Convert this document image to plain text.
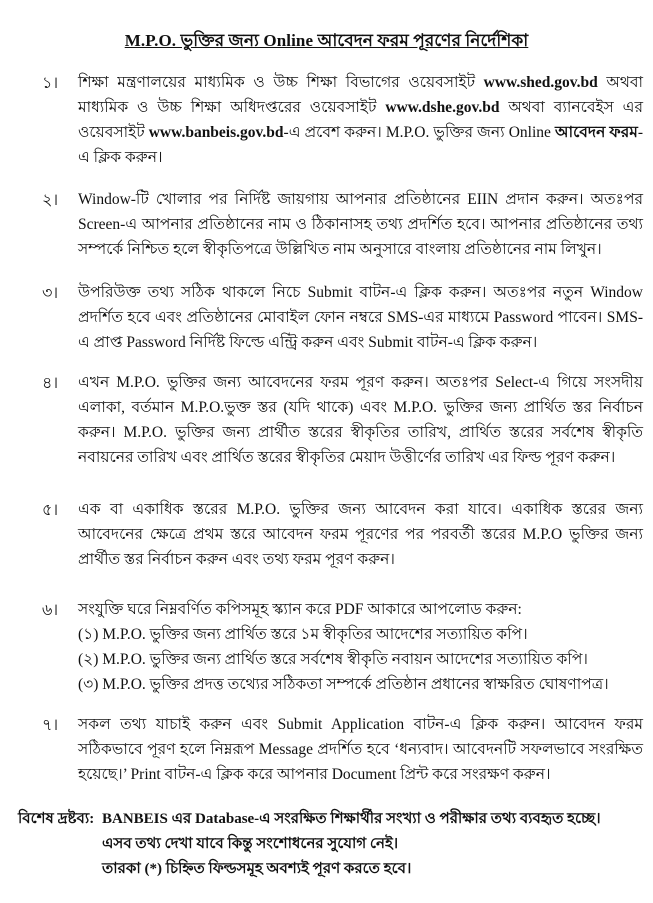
M.P.O. ভুক্তির জন্য Online আবেদন ফরম পূরণের নির্দেশিকা
১। শিক্ষা মন্ত্রণালয়ের মাধ্যমিক ও উচ্চ শিক্ষা বিভাগের ওয়েবসাইট www.shed.gov.bd অথবা মাধ্যমিক ও উচ্চ শিক্ষা অধিদপ্তরের ওয়েবসাইট www.dshe.gov.bd অথবা ব্যানবেইস এর ওয়েবসাইট www.banbeis.gov.bd-এ প্রবেশ করুন। M.P.O. ভুক্তির জন্য Online আবেদন ফরম-এ ক্লিক করুন।
২। Window-টি খোলার পর নির্দিষ্ট জায়গায় আপনার প্রতিষ্ঠানের EIIN প্রদান করুন। অতঃপর Screen-এ আপনার প্রতিষ্ঠানের নাম ও ঠিকানাসহ তথ্য প্রদর্শিত হবে। আপনার প্রতিষ্ঠানের তথ্য সম্পর্কে নিশ্চিত হলে স্বীকৃতিপত্রে উল্লিখিত নাম অনুসারে বাংলায় প্রতিষ্ঠানের নাম লিখুন।
৩। উপরিউক্ত তথ্য সঠিক থাকলে নিচে Submit বাটন-এ ক্লিক করুন। অতঃপর নতুন Window প্রদর্শিত হবে এবং প্রতিষ্ঠানের মোবাইল ফোন নম্বরে SMS-এর মাধ্যমে Password পাবেন। SMS-এ প্রাপ্ত Password নির্দিষ্ট ফিল্ডে এন্ট্রি করুন এবং Submit বাটন-এ ক্লিক করুন।
৪। এখন M.P.O. ভুক্তির জন্য আবেদনের ফরম পূরণ করুন। অতঃপর Select-এ গিয়ে সংসদীয় এলাকা, বর্তমান M.P.O.ভুক্ত স্তর (যদি থাকে) এবং M.P.O. ভুক্তির জন্য প্রার্থিত স্তর নির্বাচন করুন। M.P.O. ভুক্তির জন্য প্রার্থীত স্তরের স্বীকৃতির তারিখ, প্রার্থিত স্তরের সর্বশেষ স্বীকৃতি নবায়নের তারিখ এবং প্রার্থিত স্তরের স্বীকৃতির মেয়াদ উত্তীর্ণের তারিখ এর ফিল্ড পূরণ করুন।
৫। এক বা একাধিক স্তরের M.P.O. ভুক্তির জন্য আবেদন করা যাবে। একাধিক স্তরের জন্য আবেদনের ক্ষেত্রে প্রথম স্তরে আবেদন ফরম পূরণের পর পরবর্তী স্তরের M.P.O ভুক্তির জন্য প্রার্থীত স্তর নির্বাচন করুন এবং তথ্য ফরম পূরণ করুন।
৬। সংযুক্তি ঘরে নিম্নবর্ণিত কপিসমূহ স্ক্যান করে PDF আকারে আপলোড করুন:
(১) M.P.O. ভুক্তির জন্য প্রার্থিত স্তরে ১ম স্বীকৃতির আদেশের সত্যায়িত কপি।
(২) M.P.O. ভুক্তির জন্য প্রার্থিত স্তরে সর্বশেষ স্বীকৃতি নবায়ন আদেশের সত্যায়িত কপি।
(৩) M.P.O. ভুক্তির প্রদত্ত তথ্যের সঠিকতা সম্পর্কে প্রতিষ্ঠান প্রধানের স্বাক্ষরিত ঘোষণাপত্র।
৭। সকল তথ্য যাচাই করুন এবং Submit Application বাটন-এ ক্লিক করুন। আবেদন ফরম সঠিকভাবে পূরণ হলে নিম্নরূপ Message প্রদর্শিত হবে ‘ধন্যবাদ। আবেদনটি সফলভাবে সংরক্ষিত হয়েছে।’ Print বাটন-এ ক্লিক করে আপনার Document প্রিন্ট করে সংরক্ষণ করুন।
বিশেষ দ্রষ্টব্য: BANBEIS এর Database-এ সংরক্ষিত শিক্ষার্থীর সংখ্যা ও পরীক্ষার তথ্য ব্যবহৃত হচ্ছে।
এসব তথ্য দেখা যাবে কিন্তু সংশোধনের সুযোগ নেই।
তারকা (*) চিহ্নিত ফিল্ডসমূহ অবশ্যই পূরণ করতে হবে।
